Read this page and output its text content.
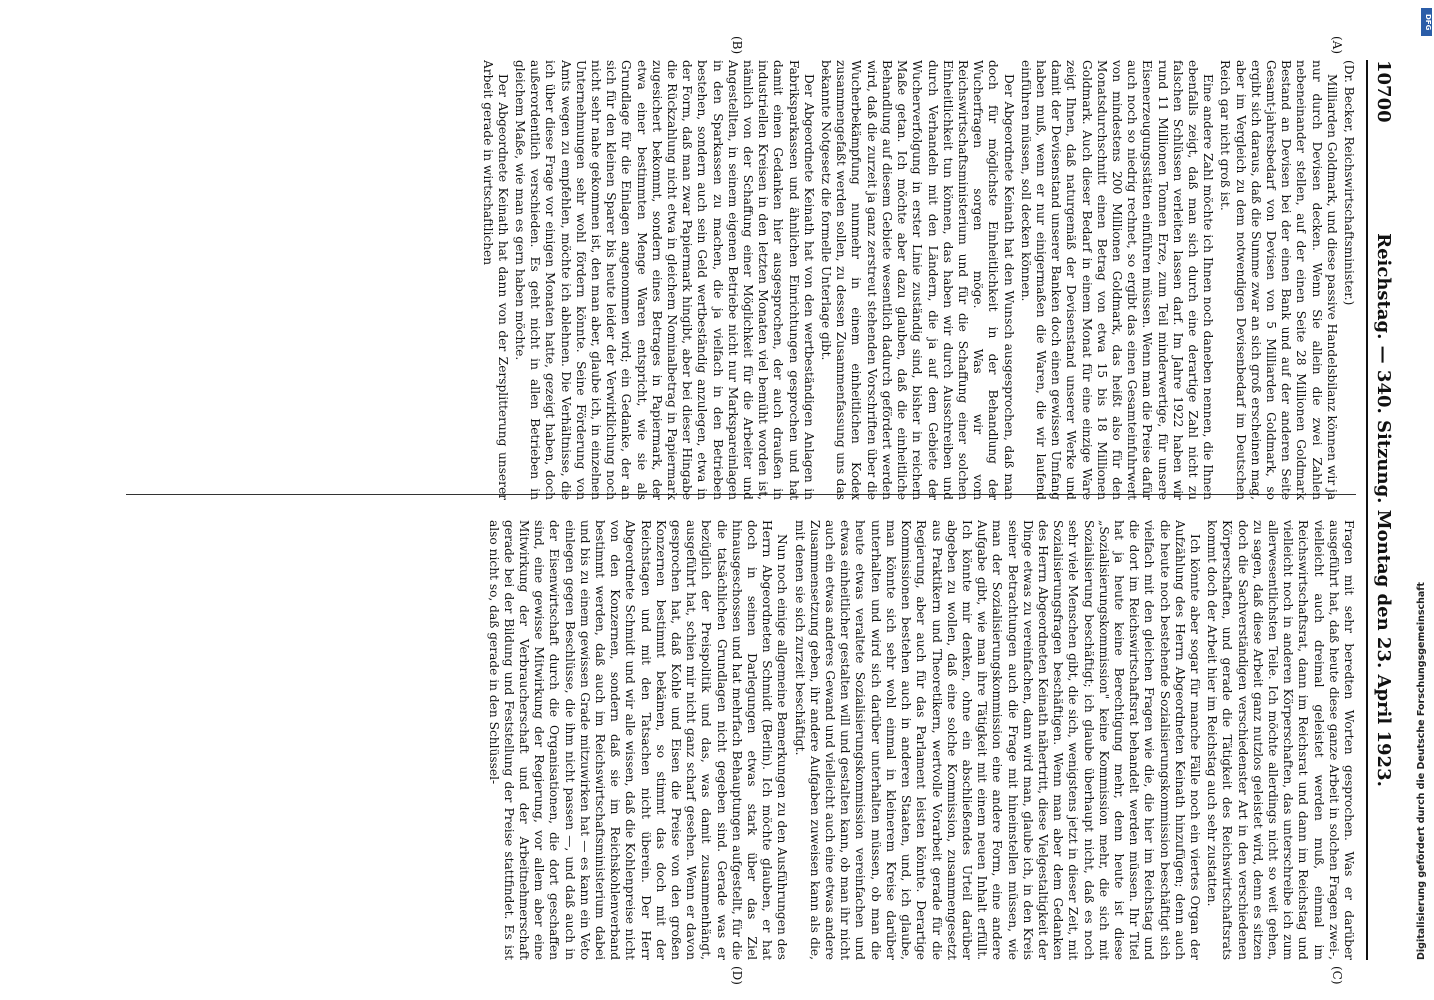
10700
Reichstag. — 340. Sitzung. Montag den 23. April 1923.
(A)
(B)
(C)
(D)

(Dr. Becker, Reichswirtschaftsminister.)

Milliarden Goldmark, und diese passive Handelsbilanz können wir ja nur durch Devisen decken. Wenn Sie allein die zwei Zahlen nebeneinander stellen, auf der einen Seite 28 Millionen Goldmark Bestand an Devisen bei der einen Bank und auf der anderen Seite Gesamt-jahresbedarf von Devisen von 5 Milliarden Goldmark, so ergibt sich daraus, daß die Summe zwar an sich groß erscheinen mag, aber im Vergleich zu dem notwendigen Devisenbedarf im Deutschen Reich gar nicht groß ist.

Eine andere Zahl möchte ich Ihnen noch daneben nennen, die Ihnen ebenfalls zeigt, daß man sich durch eine derartige Zahl nicht zu falschen Schlüssen verleiten lassen darf. Im Jahre 1922 haben wir rund 11 Millionen Tonnen Erze, zum Teil minderwertige, für unsere Eisenerzeugungsstätten einführen müssen. Wenn man die Preise dafür auch noch so niedrig rechnet, so ergibt das einen Gesamteinfuhrwert von mindestens 200 Millionen Goldmark, das heißt also für den Monatsdurchschnitt einen Betrag von etwa 15 bis 18 Millionen Goldmark. Auch dieser Bedarf in einem Monat für eine einzige Ware zeigt Ihnen, daß naturgemäß der Devisenstand unserer Werke und damit der Devisenstand unserer Banken doch einen gewissen Umfang haben muß, wenn er nur einigermaßen die Waren, die wir laufend einführen müssen, soll decken können.

Der Abgeordnete Keinath hat den Wunsch ausgesprochen, daß man doch für möglichste Einheitlichkeit in der Behandlung der Wucherfragen sorgen möge. Was wir vom Reichswirtschaftsministerium und für die Schaffung einer solchen Einheitlichkeit tun können, das haben wir durch Ausschreiben und durch Verhandeln mit den Ländern, die ja auf dem Gebiete der Wucherverfolgung in erster Linie zuständig sind, bisher in reichem Maße getan. Ich möchte aber dazu glauben, daß die einheitliche Behandlung auf diesem Gebiete wesentlich dadurch gefördert werden wird, daß die zurzeit ja ganz zerstreut stehenden Vorschriften über die Wucherbekämpfung nunmehr in einem einheitlichen Kodex zusammengefaßt werden sollen, zu dessen Zusammenfassung uns das bekannte Notgesetz die formelle Unterlage gibt.

Der Abgeordnete Keinath hat von den wertbeständigen Anlagen in Fabriksparkassen und ähnlichen Einrichtungen gesprochen und hat damit einen Gedanken hier ausgesprochen, der auch draußen in industriellen Kreisen in den letzten Monaten viel bemüht worden ist, nämlich von der Schaffung einer Möglichkeit für die Arbeiter und Angestellten, in seinem eigenen Betriebe nicht nur Markspareinlagen in den Sparkassen zu machen, die ja vielfach in den Betrieben bestehen, sondern auch sein Geld wertbeständig anzulegen, etwa in der Form, daß man zwar Papiermark hingibt, aber bei dieser Hingabe die Rückzahlung nicht etwa in gleichem Nominalbetrag in Papiermark zugesichert bekommt, sondern eines Betrages in Papiermark, der etwa einer bestimmten Menge Waren entspricht, wie sie als Grundlage für die Einlagen angenommen wird; ein Gedanke, der an sich für den kleinen Sparer bis heute leider der Verwirklichung noch nicht sehr nahe gekommen ist, den man aber, glaube ich, in einzelnen Unternehmungen sehr wohl fördern könnte. Seine Förderung von Amts wegen zu empfehlen, möchte ich ablehnen. Die Verhältnisse, die ich über diese Frage vor einigen Monaten hatte, gezeigt haben, doch außerordentlich verschieden. Es geht nicht in allen Betrieben in gleichem Maße, wie man es gern haben möchte.

Der Abgeordnete Keinath hat dann von der Zersplitterung unserer Arbeit gerade in wirtschaftlichen

Fragen mit sehr beredten Worten gesprochen. Was er darüber ausgeführt hat, daß heute diese ganze Arbeit in solchen Fragen zwei-, vielleicht auch dreimal geleistet werden muß, einmal im Reichswirtschaftsrat, dann im Reichsrat und dann im Reichstag und vielleicht noch in anderen Körperschaften, das unterschreibe ich zum allerwesentlichsten Teile. Ich möchte allerdings nicht so weit gehen, zu sagen, daß diese Arbeit ganz nutzlos geleistet wird, denn es sitzen doch die Sachverständigen verschiedenster Art in den verschiedenen Körperschaften, und gerade die Tätigkeit des Reichswirtschaftsrats kommt doch der Arbeit hier im Reichstag auch sehr zustatten.

Ich könnte aber sogar für manche Fälle noch ein viertes Organ der Aufzählung des Herrn Abgeordneten Keinath hinzufügen; denn auch die heute noch bestehende Sozialisierungskommission beschäftigt sich vielfach mit den gleichen Fragen wie die, die hier im Reichstag und die dort im Reichswirtschaftsrat behandelt werden müssen. Ihr Titel hat ja heute keine Berechtigung mehr, denn heute ist diese „Sozialisierungskommission" keine Kommission mehr, die sich mit Sozialisierung beschäftigt; ich glaube überhaupt nicht, daß es noch sehr viele Menschen gibt, die sich, wenigstens jetzt in dieser Zeit, mit Sozialisierungsfragen beschäftigen. Wenn man aber dem Gedanken des Herrn Abgeordneten Keinath nähertritt, diese Vielgestaltigkeit der Dinge etwas zu vereinfachen, dann wird man, glaube ich, in den Kreis seiner Betrachtungen auch die Frage mit hineinstellen müssen, wie man der Sozialisierungskommission eine andere Form, eine andere Aufgabe gibt, wie man ihre Tätigkeit mit einem neuen Inhalt erfüllt. Ich könnte mir denken, ohne ein abschließendes Urteil darüber abgeben zu wollen, daß eine solche Kommission, zusammengesetzt aus Praktikern und Theoretikern, wertvolle Vorarbeit gerade für die Regierung, aber auch für das Parlament leisten könnte. Derartige Kommissionen bestehen auch in anderen Staaten, und, ich glaube, man könnte sich sehr wohl einmal in kleinerem Kreise darüber unterhalten und wird sich darüber unterhalten müssen, ob man die heute etwas veraltete Sozialisierungskommission vereinfachen und etwas einheitlicher gestalten will und gestalten kann, ob man ihr nicht auch ein etwas anderes Gewand und vielleicht auch eine etwas andere Zusammensetzung geben, ihr andere Aufgaben zuweisen kann als die, mit denen sie sich zurzeit beschäftigt.

Nun noch einige allgemeine Bemerkungen zu den Ausführungen des Herrn Abgeordneten Schmidt (Berlin). Ich möchte glauben, er hat doch in seinen Darlegungen etwas stark über das Ziel hinausgeschossen und hat mehrfach Behauptungen aufgestellt, für die die tatsächlichen Grundlagen nicht gegeben sind. Gerade was er bezüglich der Preispolitik und das, was damit zusammenhängt, ausgeführt hat, schien mir nicht ganz scharf gesehen. Wenn er davon gesprochen hat, daß Kohle und Eisen die Preise von den großen Konzernen bestimmt bekämen, so stimmt das doch mit der Reichstagen und mit den Tatsachen nicht überein. Der Herr Abgeordnete Schmidt und wir alle wissen, daß die Kohlenpreise nicht von den Konzernen, sondern daß sie im Reichskohlenverband bestimmt werden, daß auch im Reichswirtschaftsministerium dabei und bis zu einem gewissen Grade mitzuwirken hat — es kann ein Veto einlegen gegen Beschlüsse, die ihm nicht passen —, und daß auch in der Eisenwirtschaft durch die Organisationen, die dort geschaffen sind, eine gewisse Mitwirkung der Regierung, vor allem aber eine Mitwirkung der Verbraucherschaft und der Arbeitnehmerschaft gerade bei der Bildung und Feststellung der Preise stattfindet. Es ist also nicht so, daß gerade in den Schlüssel-	Digitalisierung gefördert durch die Deutsche Forschungsgemeinschaft
DFG
